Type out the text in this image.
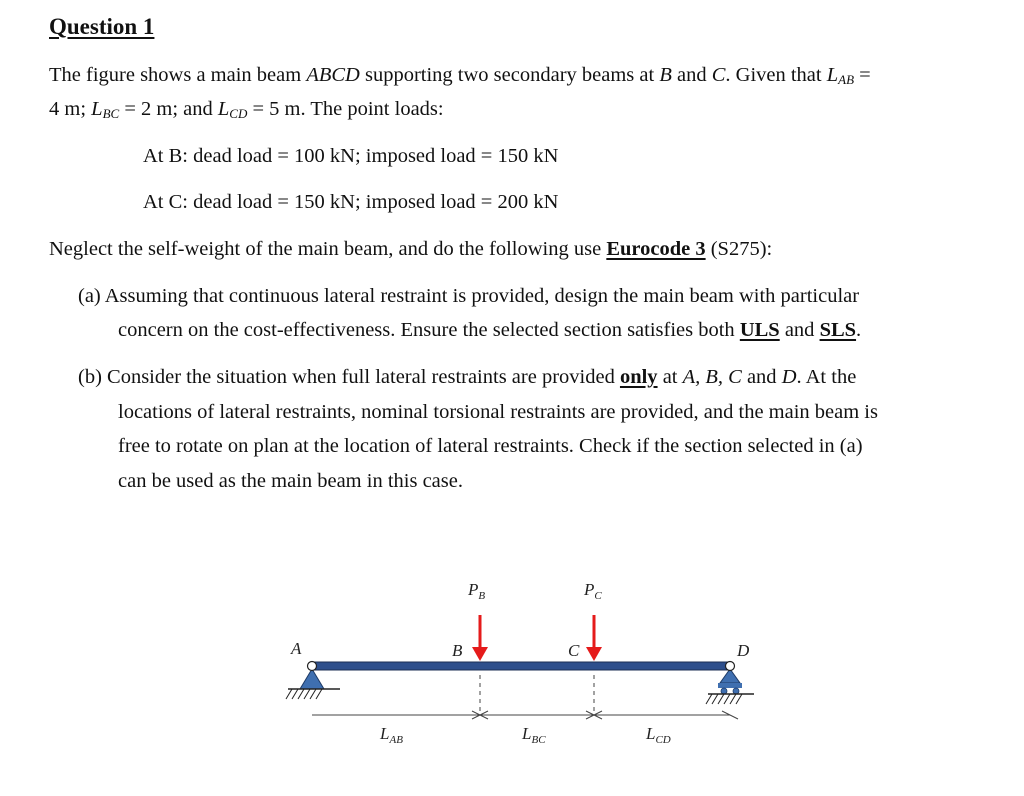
Question 1
The figure shows a main beam ABCD supporting two secondary beams at B and C. Given that $L_{AB}$ =
4 m; $L_{BC} = 2$ m; and $L_{CD} = 5$ m. The point loads:
At B: dead load = 100 kN; imposed load = 150 kN
At C: dead load = 150 kN; imposed load = 200 kN
Neglect the self-weight of the main beam, and do the following use Eurocode 3 (S275):
(a) Assuming that continuous lateral restraint is provided, design the main beam with particular
concern on the cost-effectiveness. Ensure the selected section satisfies both ULS and SLS.
(b) Consider the situation when full lateral restraints are provided only at A, B, C and D. At the
locations of lateral restraints, nominal torsional restraints are provided, and the main beam is
free to rotate on plan at the location of lateral restraints. Check if the section selected in (a)
can be used as the main beam in this case.
$P_B$	$P_C$
A	B	C	D
$L_{AB}$	$L_{BC}$	$L_{CD}$
